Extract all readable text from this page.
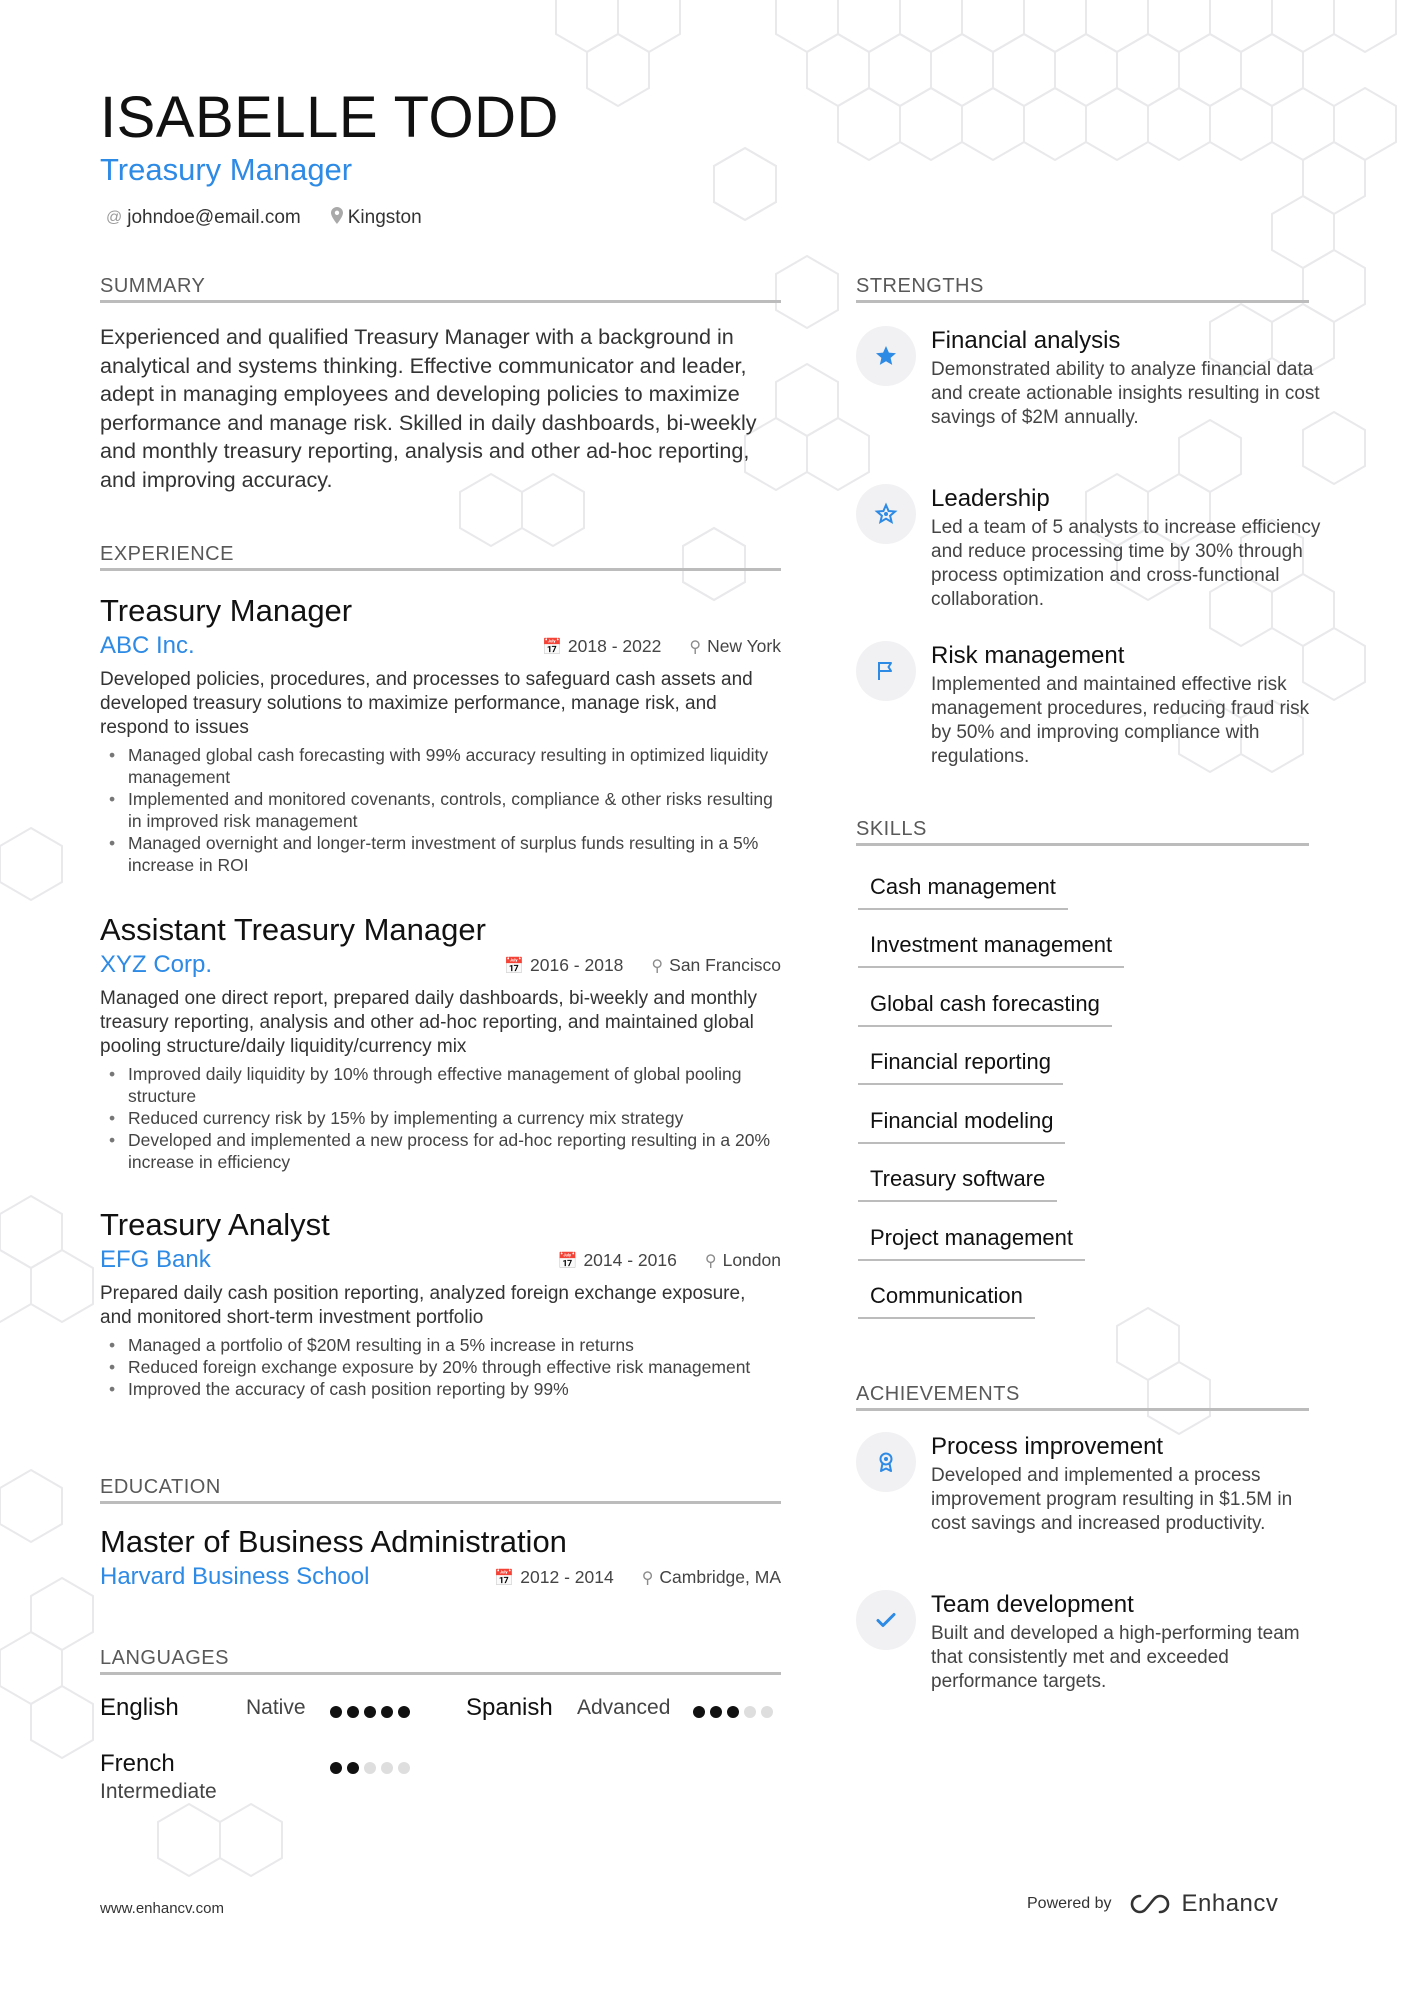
ISABELLE TODD
Treasury Manager
@ johndoe@email.com Kingston
SUMMARY
Experienced and qualified Treasury Manager with a background in analytical and systems thinking. Effective communicator and leader, adept in managing employees and developing policies to maximize performance and manage risk. Skilled in daily dashboards, bi-weekly and monthly treasury reporting, analysis and other ad-hoc reporting, and improving accuracy.
EXPERIENCE
Treasury Manager
ABC Inc.	📅 2018 - 2022 ⚲ New York
Developed policies, procedures, and processes to safeguard cash assets and developed treasury solutions to maximize performance, manage risk, and respond to issues
• Managed global cash forecasting with 99% accuracy resulting in optimized liquidity management
• Implemented and monitored covenants, controls, compliance & other risks resulting in improved risk management
• Managed overnight and longer-term investment of surplus funds resulting in a 5% increase in ROI
Assistant Treasury Manager
XYZ Corp.	📅 2016 - 2018 ⚲ San Francisco
Managed one direct report, prepared daily dashboards, bi-weekly and monthly treasury reporting, analysis and other ad-hoc reporting, and maintained global pooling structure/daily liquidity/currency mix
• Improved daily liquidity by 10% through effective management of global pooling structure
• Reduced currency risk by 15% by implementing a currency mix strategy
• Developed and implemented a new process for ad-hoc reporting resulting in a 20% increase in efficiency
Treasury Analyst
EFG Bank	📅 2014 - 2016 ⚲ London
Prepared daily cash position reporting, analyzed foreign exchange exposure, and monitored short-term investment portfolio
• Managed a portfolio of $20M resulting in a 5% increase in returns
• Reduced foreign exchange exposure by 20% through effective risk management
• Improved the accuracy of cash position reporting by 99%
EDUCATION
Master of Business Administration
Harvard Business School	📅 2012 - 2014 ⚲ Cambridge, MA
LANGUAGES
English	Native	Spanish Advanced
French
Intermediate
STRENGTHS
Financial analysis
Demonstrated ability to analyze financial data and create actionable insights resulting in cost savings of $2M annually.
Leadership
Led a team of 5 analysts to increase efficiency and reduce processing time by 30% through process optimization and cross-functional collaboration.
Risk management
Implemented and maintained effective risk management procedures, reducing fraud risk by 50% and improving compliance with regulations.
SKILLS
Cash management
Investment management
Global cash forecasting
Financial reporting
Financial modeling
Treasury software
Project management
Communication
ACHIEVEMENTS
Process improvement
Developed and implemented a process improvement program resulting in $1.5M in cost savings and increased productivity.
Team development
Built and developed a high-performing team that consistently met and exceeded performance targets.
www.enhancv.com	Powered by	Enhancv
